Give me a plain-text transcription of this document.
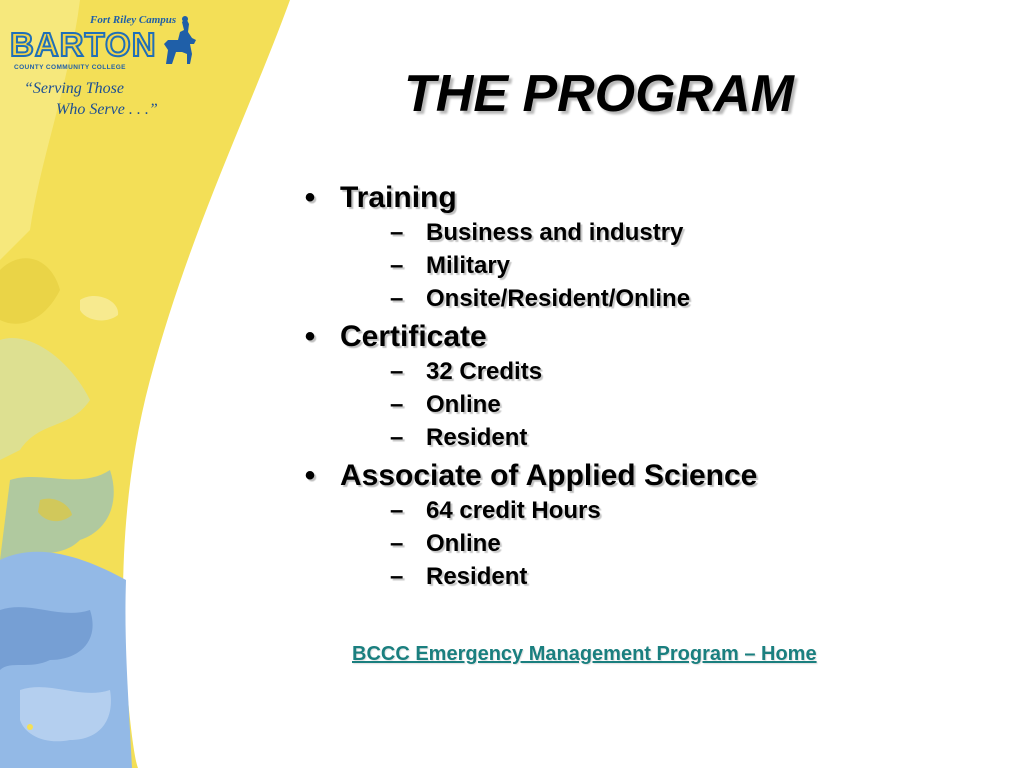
Fort Riley Campus
BARTON
COUNTY COMMUNITY COLLEGE
“Serving Those
Who Serve . . .”	THE PROGRAM
• Training
– Business and industry
– Military
– Onsite/Resident/Online
• Certificate
– 32 Credits
– Online
– Resident
• Associate of Applied Science
– 64 credit Hours
– Online
– Resident
BCCC Emergency Management Program – Home
